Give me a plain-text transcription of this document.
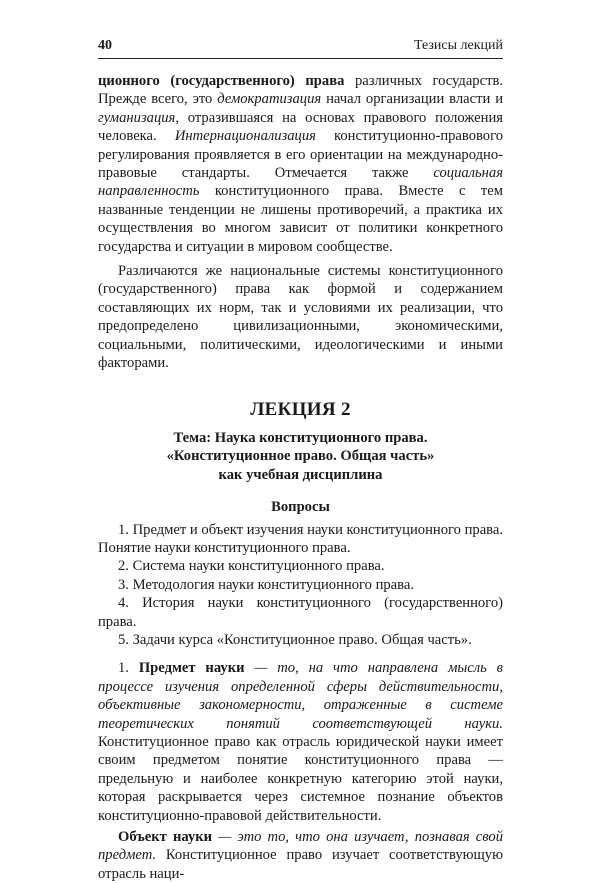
40	Тезисы лекций

ционного (государственного) права различных государств. Прежде всего, это демократизация начал организации власти и гуманизация, отразившаяся на основах правового положения человека. Интернационализация конституционно-правового регулирования проявляется в его ориентации на международно-правовые стандарты. Отмечается также социальная направленность конституционного права. Вместе с тем названные тенденции не лишены противоречий, а практика их осуществления во многом зависит от политики конкретного государства и ситуации в мировом сообществе.

Различаются же национальные системы конституционного (государственного) права как формой и содержанием составляющих их норм, так и условиями их реализации, что предопределено цивилизационными, экономическими, социальными, политическими, идеологическими и иными факторами.

ЛЕКЦИЯ 2
Тема: Наука конституционного права.
«Конституционное право. Общая часть»
как учебная дисциплина
Вопросы

1. Предмет и объект изучения науки конституционного права. Понятие науки конституционного права.

2. Система науки конституционного права.

3. Методология науки конституционного права.

4. История науки конституционного (государственного) права.

5. Задачи курса «Конституционное право. Общая часть».

1. Предмет науки — то, на что направлена мысль в процессе изучения определенной сферы действительности, объективные закономерности, отраженные в системе теоретических понятий соответствующей науки. Конституционное право как отрасль юридической науки имеет своим предметом понятие конституционного права — предельную и наиболее конкретную категорию этой науки, которая раскрывается через системное познание объектов конституционно-правовой действительности.

Объект науки — это то, что она изучает, познавая свой предмет. Конституционное право изучает соответствующую отрасль наци-
